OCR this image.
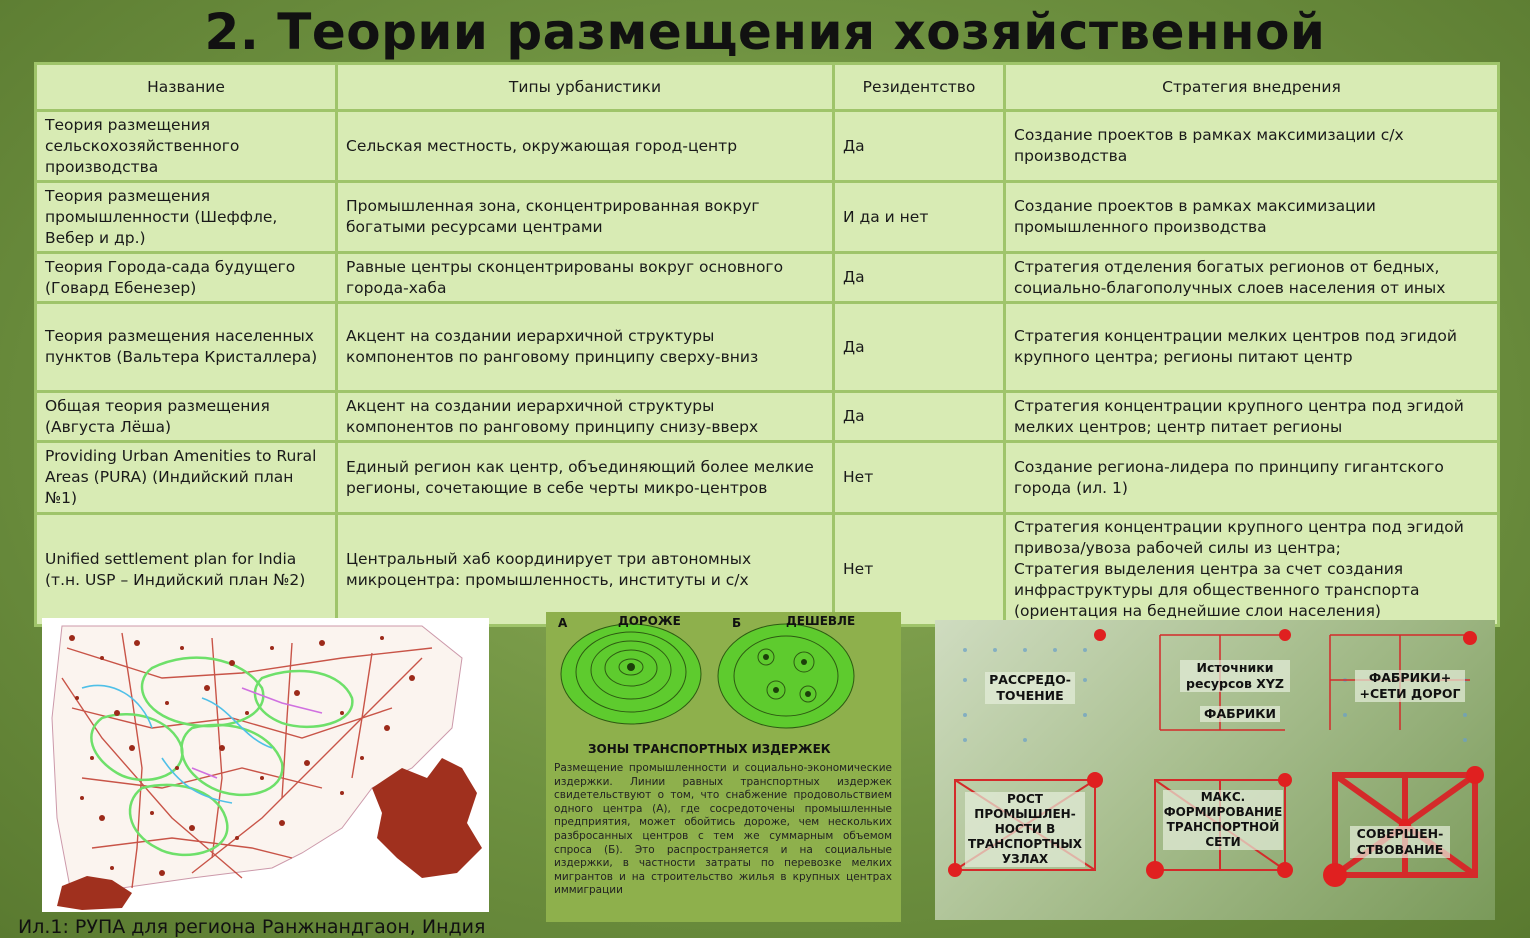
2. Теории размещения хозяйственной
Название	Типы урбанистики	Резидентство	Стратегия внедрения
Теория размещения сельскохозяйственного производства	Сельская местность, окружающая город-центр	Да	Создание проектов в рамках максимизации с/х производства
Теория размещения промышленности (Шеффле, Вебер и др.)	Промышленная зона, сконцентрированная вокруг богатыми ресурсами центрами	И да и нет	Создание проектов в рамках максимизации промышленного производства
Теория Города-сада будущего (Говард Ебенезер)	Равные центры сконцентрированы вокруг основного города-хаба	Да	Стратегия отделения богатых регионов от бедных, социально-благополучных слоев населения от иных
Теория размещения населенных пунктов (Вальтера Кристаллера)	Акцент на создании иерархичной структуры компонентов по ранговому принципу сверху-вниз	Да	Стратегия концентрации мелких центров под эгидой крупного центра; регионы питают центр
Общая теория размещения (Августа Лёша)	Акцент на создании иерархичной структуры компонентов по ранговому принципу снизу-вверх	Да	Стратегия концентрации крупного центра под эгидой мелких центров; центр питает регионы
Providing Urban Amenities to Rural Areas (PURA) (Индийский план №1)	Единый регион как центр, объединяющий более мелкие регионы, сочетающие в себе черты микро-центров	Нет	Создание региона-лидера по принципу гигантского города (ил. 1)
Unified settlement plan for India (т.н. USP – Индийский план №2)	Центральный хаб координирует три автономных микроцентра: промышленность, институты и с/х	Нет	Стратегия концентрации крупного центра под эгидой привоза/увоза рабочей силы из центра;
Стратегия выделения центра за счет создания инфраструктуры для общественного транспорта (ориентация на беднейшие слои населения)
А	ДОРОЖЕ	Б	ДЕШЕВЛЕ
ЗОНЫ ТРАНСПОРТНЫХ ИЗДЕРЖЕК
Размещение промышленности и социально-экономические издержки. Линии равных транспортных издержек свидетельствуют о том, что снабжение продовольствием одного центра (А), где сосредоточены промышленные предприятия, может обойтись дороже, чем нескольких разбросанных центров с тем же суммарным объемом спроса (Б). Это распространяется и на социальные издержки, в частности затраты по перевозке мелких мигрантов и на строительство жилья в крупных центрах иммиграции
РАССРЕДО-
ТОЧЕНИЕ
Источники
ресурсов XYZ
ФАБРИКИ
ФАБРИКИ+
+СЕТИ ДОРОГ
РОСТ
ПРОМЫШЛЕН-
НОСТИ В
ТРАНСПОРТНЫХ
УЗЛАХ
МАКС.
ФОРМИРОВАНИЕ
ТРАНСПОРТНОЙ
СЕТИ
СОВЕРШЕН-
СТВОВАНИЕ
Ил.1: РУПА для региона Ранжнандгаон, Индия
